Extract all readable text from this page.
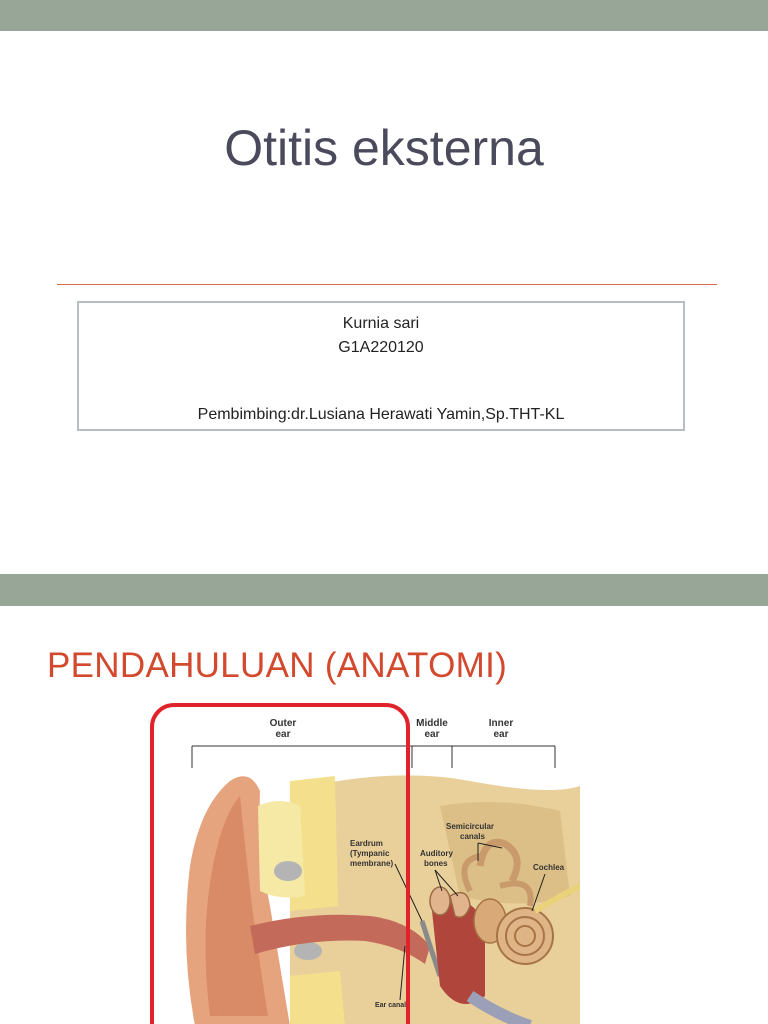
Otitis eksterna
Kurnia sari
G1A220120
Pembimbing:dr.Lusiana Herawati Yamin,Sp.THT-KL
PENDAHULUAN (ANATOMI)
Outer
ear
Middle
ear
Inner
ear
Eardrum
(Tympanic
membrane)
Auditory
bones
Semicircular
canals
Cochlea
Ear canal
